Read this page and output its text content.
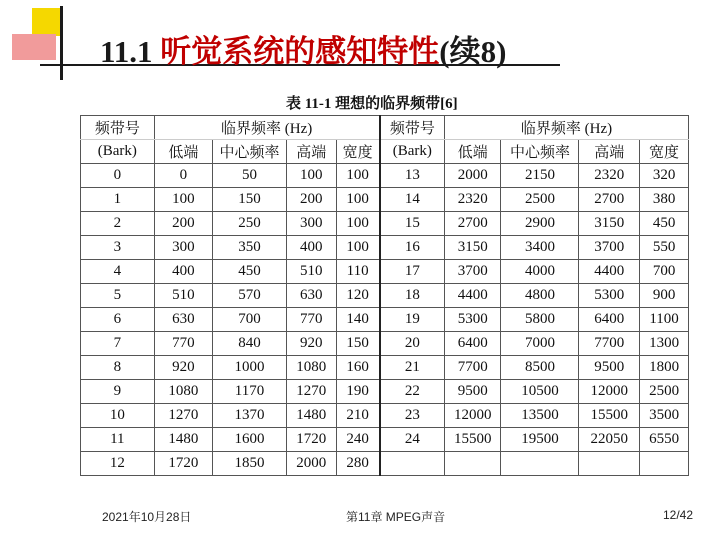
11.1 听觉系统的感知特性(续8)
表 11-1 理想的临界频带[6]
频带号	临界频率 (Hz)				频带号	临界频率 (Hz)			
(Bark)	低端	中心频率	高端	宽度	(Bark)	低端	中心频率	高端	宽度
0	0	50	100	100	13	2000	2150	2320	320
1	100	150	200	100	14	2320	2500	2700	380
2	200	250	300	100	15	2700	2900	3150	450
3	300	350	400	100	16	3150	3400	3700	550
4	400	450	510	110	17	3700	4000	4400	700
5	510	570	630	120	18	4400	4800	5300	900
6	630	700	770	140	19	5300	5800	6400	1100
7	770	840	920	150	20	6400	7000	7700	1300
8	920	1000	1080	160	21	7700	8500	9500	1800
9	1080	1170	1270	190	22	9500	10500	12000	2500
10	1270	1370	1480	210	23	12000	13500	15500	3500
11	1480	1600	1720	240	24	15500	19500	22050	6550
12	1720	1850	2000	280					
2021年10月28日	第11章 MPEG声音	12/42
